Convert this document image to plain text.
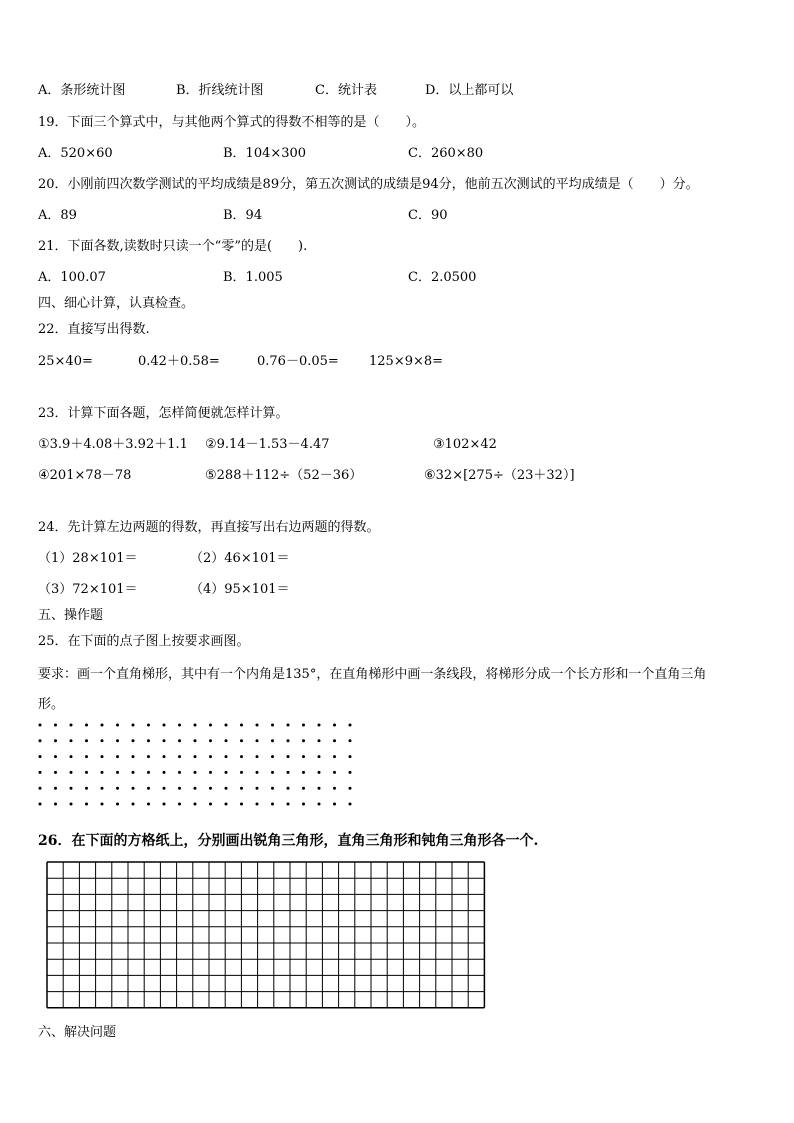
A．条形统计图	B．折线统计图	C．统计表	D．以上都可以
19．下面三个算式中，与其他两个算式的得数不相等的是（　　）。
A．520×60	B．104×300	C．260×80
20．小刚前四次数学测试的平均成绩是89分，第五次测试的成绩是94分，他前五次测试的平均成绩是（　　）分。
A．89	B．94	C．90
21．下面各数,读数时只读一个“零”的是(　　).
A．100.07	B．1.005	C．2.0500
四、细心计算，认真检查。
22．直接写出得数.
25×40=	0.42＋0.58=	0.76－0.05= 125×9×8=
23．计算下面各题，怎样简便就怎样计算。
①3.9＋4.08＋3.92＋1.1 ②9.14－1.53－4.47	③102×42
④201×78－78	⑤288＋112÷（52－36）	⑥32×[275÷（23＋32）]
24．先计算左边两题的得数，再直接写出右边两题的得数。
（1）28×101＝	（2）46×101＝
（3）72×101＝	（4）95×101＝
五、操作题
25．在下面的点子图上按要求画图。
要求：画一个直角梯形，其中有一个内角是135°，在直角梯形中画一条线段，将梯形分成一个长方形和一个直角三角
形。
26．在下面的方格纸上，分别画出锐角三角形，直角三角形和钝角三角形各一个.
六、解决问题
